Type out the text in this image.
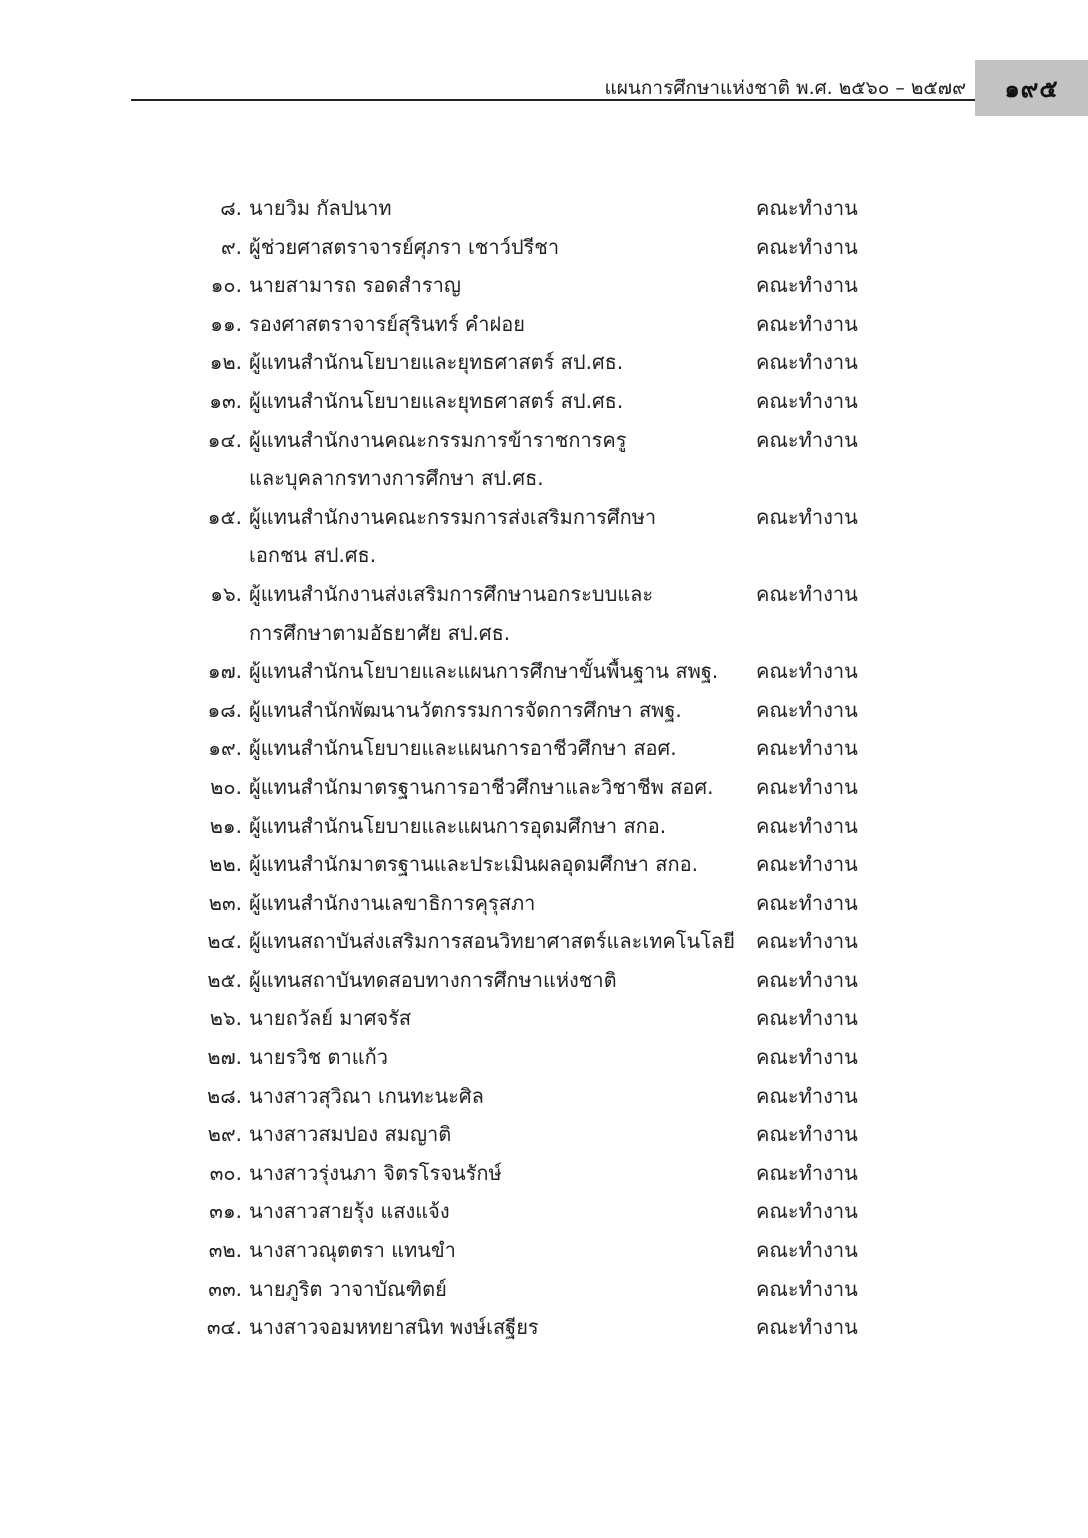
แผนการศึกษาแห่งชาติ พ.ศ. ๒๕๖๐ – ๒๕๗๙ ๑๙๕
๘. นายวิม กัลปนาท	คณะทำงาน
๙. ผู้ช่วยศาสตราจารย์ศุภรา เชาว์ปรีชา	คณะทำงาน
๑๐. นายสามารถ รอดสำราญ	คณะทำงาน
๑๑. รองศาสตราจารย์สุรินทร์ คำฝอย	คณะทำงาน
๑๒. ผู้แทนสำนักนโยบายและยุทธศาสตร์ สป.ศธ.	คณะทำงาน
๑๓. ผู้แทนสำนักนโยบายและยุทธศาสตร์ สป.ศธ.	คณะทำงาน
๑๔. ผู้แทนสำนักงานคณะกรรมการข้าราชการครู	คณะทำงาน
และบุคลากรทางการศึกษา สป.ศธ.
๑๕. ผู้แทนสำนักงานคณะกรรมการส่งเสริมการศึกษา	คณะทำงาน
เอกชน สป.ศธ.
๑๖. ผู้แทนสำนักงานส่งเสริมการศึกษานอกระบบและ	คณะทำงาน
การศึกษาตามอัธยาศัย สป.ศธ.
๑๗. ผู้แทนสำนักนโยบายและแผนการศึกษาขั้นพื้นฐาน สพฐ.	คณะทำงาน
๑๘. ผู้แทนสำนักพัฒนานวัตกรรมการจัดการศึกษา สพฐ.	คณะทำงาน
๑๙. ผู้แทนสำนักนโยบายและแผนการอาชีวศึกษา สอศ.	คณะทำงาน
๒๐. ผู้แทนสำนักมาตรฐานการอาชีวศึกษาและวิชาชีพ สอศ.	คณะทำงาน
๒๑. ผู้แทนสำนักนโยบายและแผนการอุดมศึกษา สกอ.	คณะทำงาน
๒๒. ผู้แทนสำนักมาตรฐานและประเมินผลอุดมศึกษา สกอ.	คณะทำงาน
๒๓. ผู้แทนสำนักงานเลขาธิการคุรุสภา	คณะทำงาน
๒๔. ผู้แทนสถาบันส่งเสริมการสอนวิทยาศาสตร์และเทคโนโลยี	คณะทำงาน
๒๕. ผู้แทนสถาบันทดสอบทางการศึกษาแห่งชาติ	คณะทำงาน
๒๖. นายถวัลย์ มาศจรัส	คณะทำงาน
๒๗. นายรวิช ตาแก้ว	คณะทำงาน
๒๘. นางสาวสุวิณา เกนทะนะศิล	คณะทำงาน
๒๙. นางสาวสมปอง สมญาติ	คณะทำงาน
๓๐. นางสาวรุ่งนภา จิตรโรจนรักษ์	คณะทำงาน
๓๑. นางสาวสายรุ้ง แสงแจ้ง	คณะทำงาน
๓๒. นางสาวณุตตรา แทนขำ	คณะทำงาน
๓๓. นายภูริต วาจาบัณฑิตย์	คณะทำงาน
๓๔. นางสาวจอมหทยาสนิท พงษ์เสฐียร	คณะทำงาน
